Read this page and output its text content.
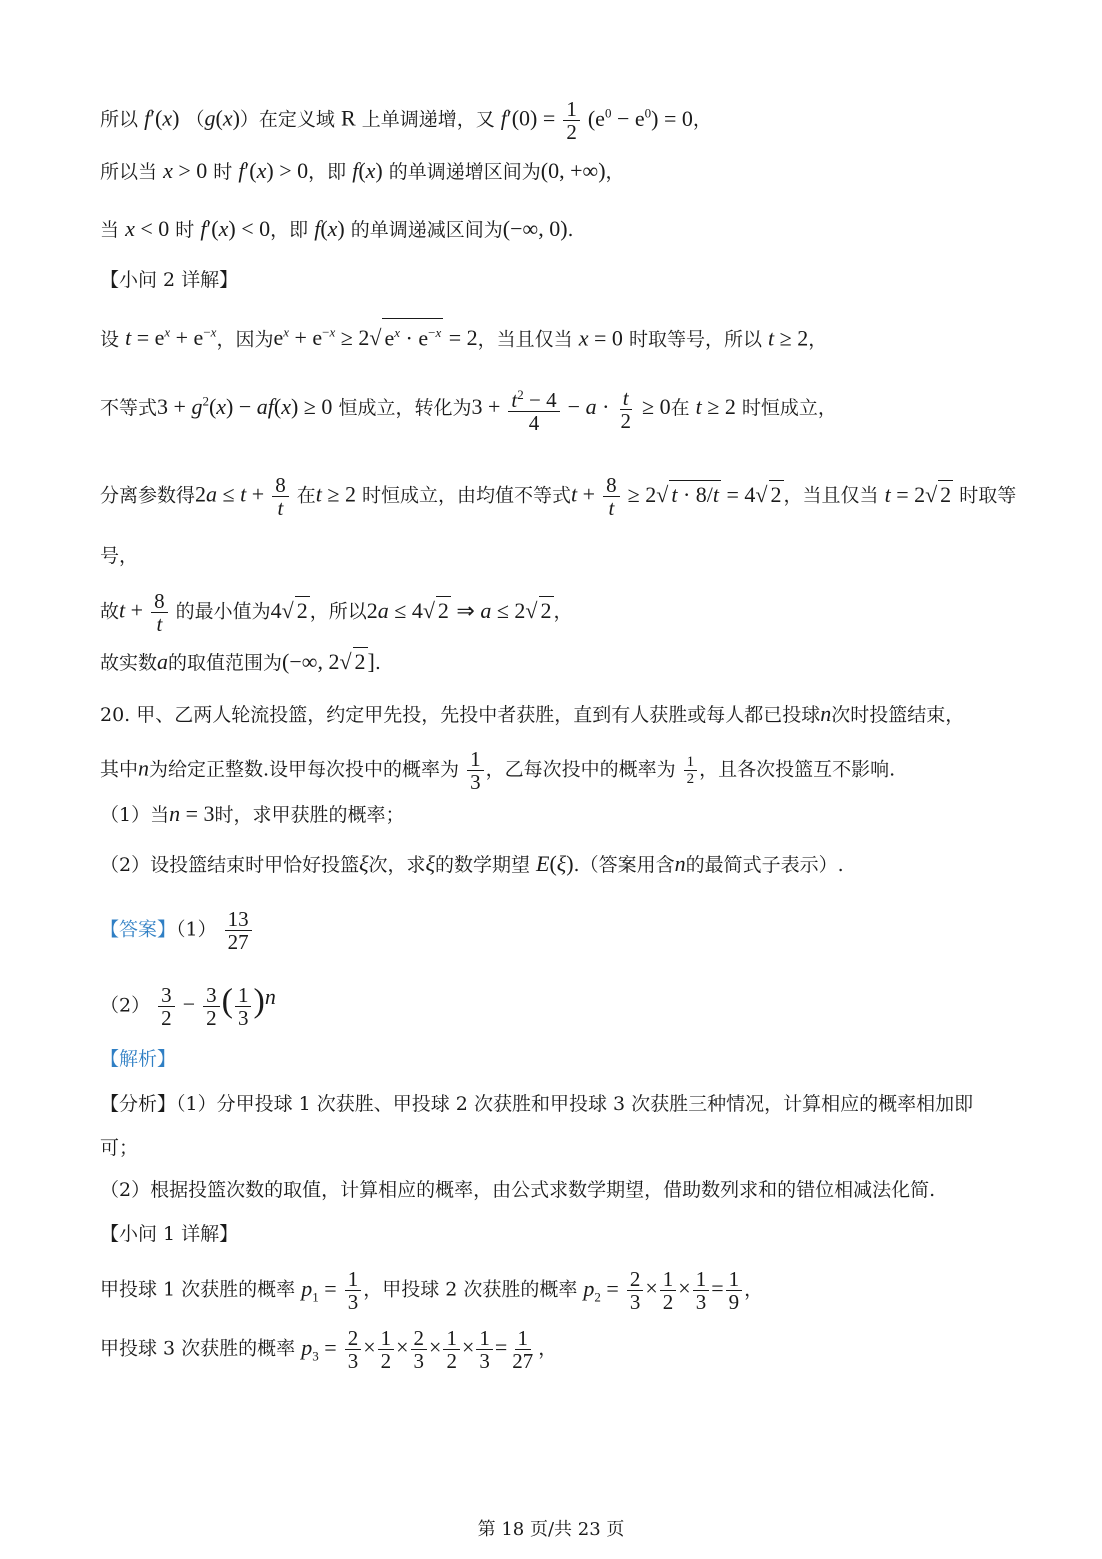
所以 f′(x) （g(x)）在定义域 R 上单调递增，又 $f'(0) = \frac{1}{2} (e^0 - e^0) = 0$，
所以当 x > 0 时 f′(x) > 0，即 f(x) 的单调递增区间为(0, +∞)，
当 x < 0 时 f′(x) < 0，即 f(x) 的单调递减区间为(−∞, 0).
【小问 2 详解】
设 $t = e^x + e^{-x}$，因为$e^x + e^{-x} \ge 2√$ $e^x \cdot e^{-x} = 2$，当且仅当 x = 0 时取等号，所以 t ≥ 2，
不等式$3 + g^2(x) - af(x) \ge 0$ 恒成立，转化为$3 + \frac{t^2 - 4}{4} - a \cdot \frac{t}{2} \ge 0$在 t ≥ 2 时恒成立，
分离参数得$2a \le t + \frac{8}{t}$ 在t ≥ 2 时恒成立，由均值不等式$t + \frac{8}{t} \ge 2√$ t · 8/t = 4√ 2 ，当且仅当 t = 2√ 2 时取等
号，
故$t + \frac{8}{t}$ 的最小值为4√ 2 ，所以2a ≤ 4√ 2 ⇒ a ≤ 2√ 2 ，
故实数a的取值范围为(−∞, 2√ 2].
20. 甲、乙两人轮流投篮，约定甲先投，先投中者获胜，直到有人获胜或每人都已投球n次时投篮结束，
其中n为给定正整数.设甲每次投中的概率为 $\frac{1}{3}$ ，乙每次投中的概率为 $\frac{1}{2}$ ，且各次投篮互不影响.
（1）当n = 3时，求甲获胜的概率；
（2）设投篮结束时甲恰好投篮ξ次，求ξ的数学期望 E(ξ).（答案用含n的最简式子表示）.
【答案】$(1) \frac{13}{27}$
$(2) \frac{3}{2} - \frac{3}{2}$ ( $\frac{1}{3} )^n$
【解析】
【分析】（1）分甲投球 1 次获胜、甲投球 2 次获胜和甲投球 3 次获胜三种情况，计算相应的概率相加即
可；
（2）根据投篮次数的取值，计算相应的概率，由公式求数学期望，借助数列求和的错位相减法化简.
【小问 1 详解】
甲投球 1 次获胜的概率 $p_1 = \frac{1}{3}$ ，甲投球 2 次获胜的概率 $p_2 = \frac{2}{3} \times \frac{1}{2} \times \frac{1}{3} = \frac{1}{9}$ ，
甲投球 3 次获胜的概率 $p_3 = \frac{2}{3} \times \frac{1}{2} \times \frac{2}{3} \times \frac{1}{2} \times \frac{1}{3} = \frac{1}{27}$ ，
第 18 页/共 23 页
